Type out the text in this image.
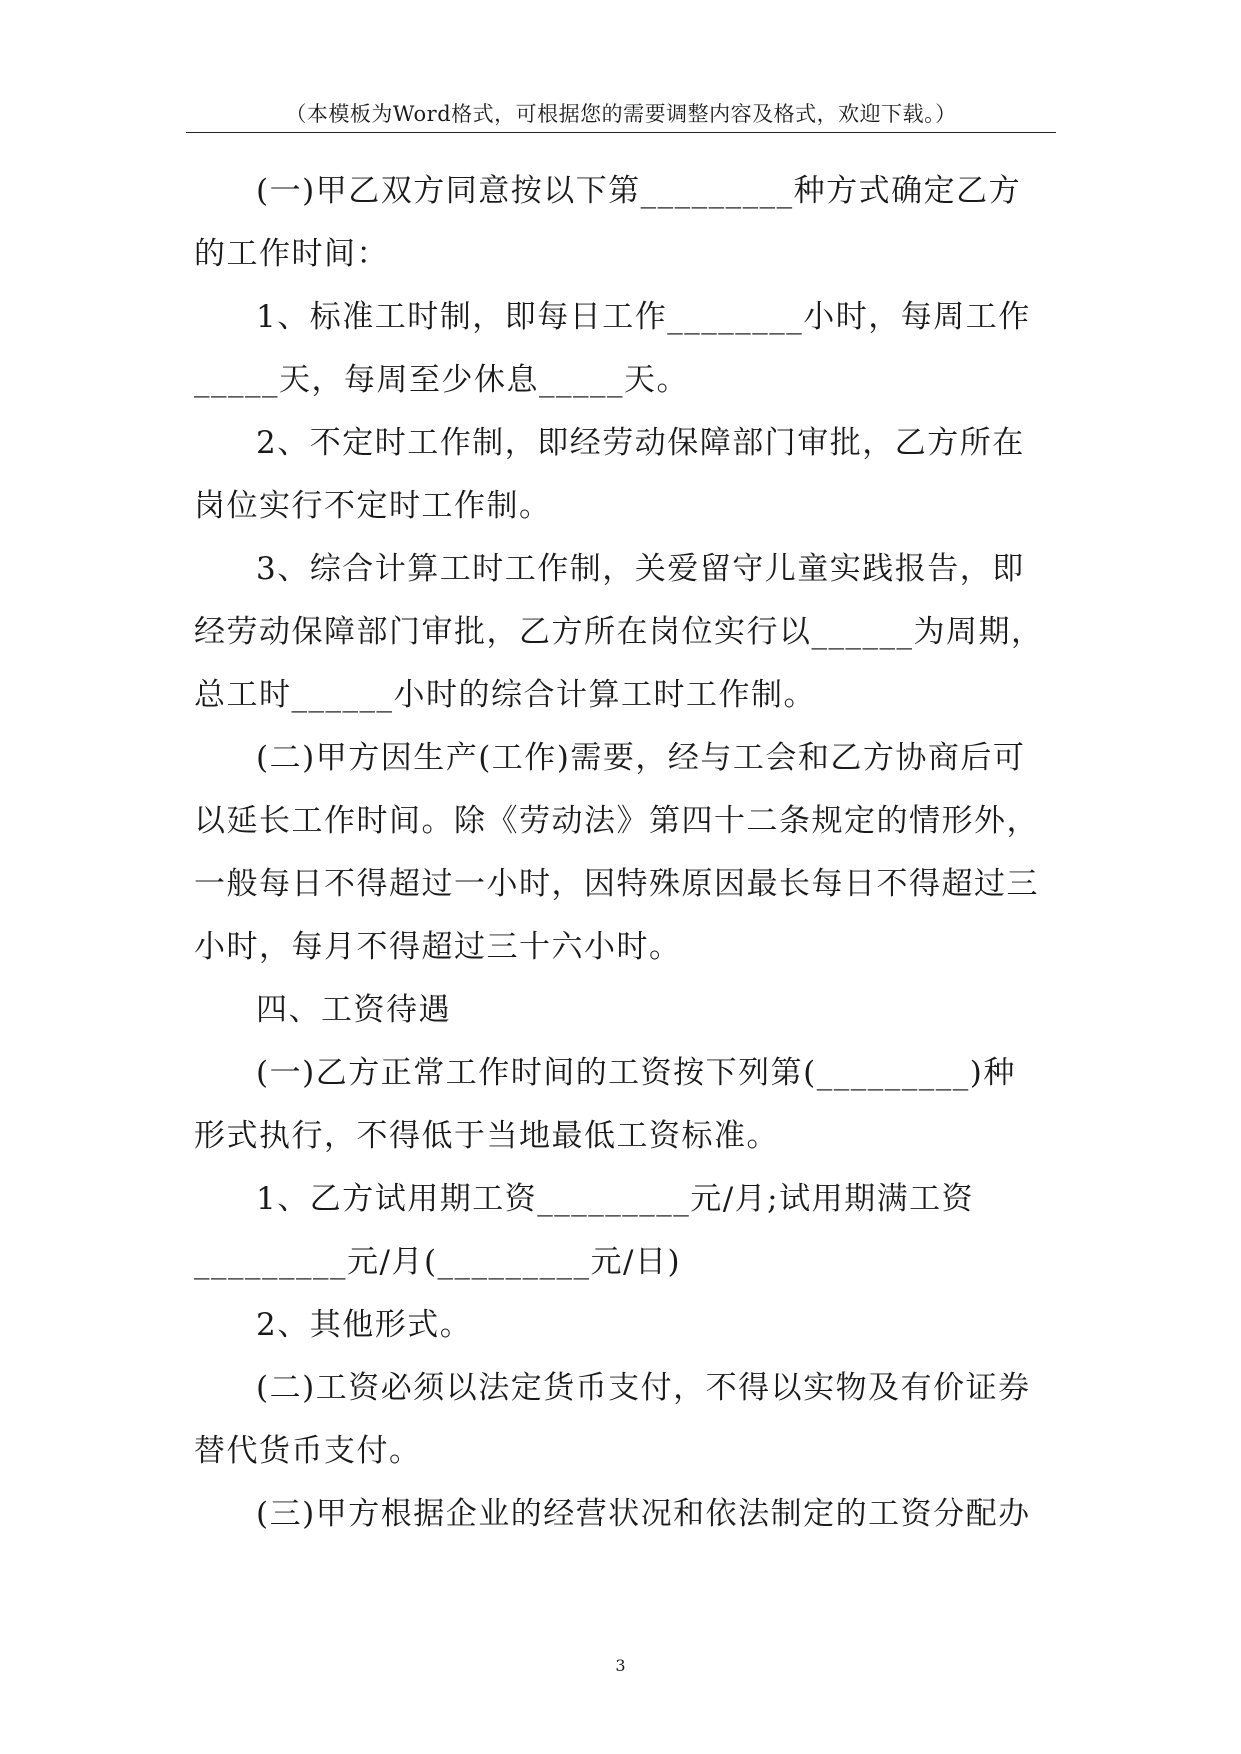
（本模板为Word格式，可根据您的需要调整内容及格式，欢迎下载。）
(一)甲乙双方同意按以下第_________种方式确定乙方
的工作时间：
1、标准工时制，即每日工作________小时，每周工作
_____天，每周至少休息_____天。
2、不定时工作制，即经劳动保障部门审批，乙方所在
岗位实行不定时工作制。
3、综合计算工时工作制，关爱留守儿童实践报告，即
经劳动保障部门审批，乙方所在岗位实行以______为周期，
总工时______小时的综合计算工时工作制。
(二)甲方因生产(工作)需要，经与工会和乙方协商后可
以延长工作时间。除《劳动法》第四十二条规定的情形外，
一般每日不得超过一小时，因特殊原因最长每日不得超过三
小时，每月不得超过三十六小时。
四、工资待遇
(一)乙方正常工作时间的工资按下列第(_________)种
形式执行，不得低于当地最低工资标准。
1、乙方试用期工资_________元/月;试用期满工资
_________元/月(_________元/日)
2、其他形式。
(二)工资必须以法定货币支付，不得以实物及有价证券
替代货币支付。
(三)甲方根据企业的经营状况和依法制定的工资分配办
3
